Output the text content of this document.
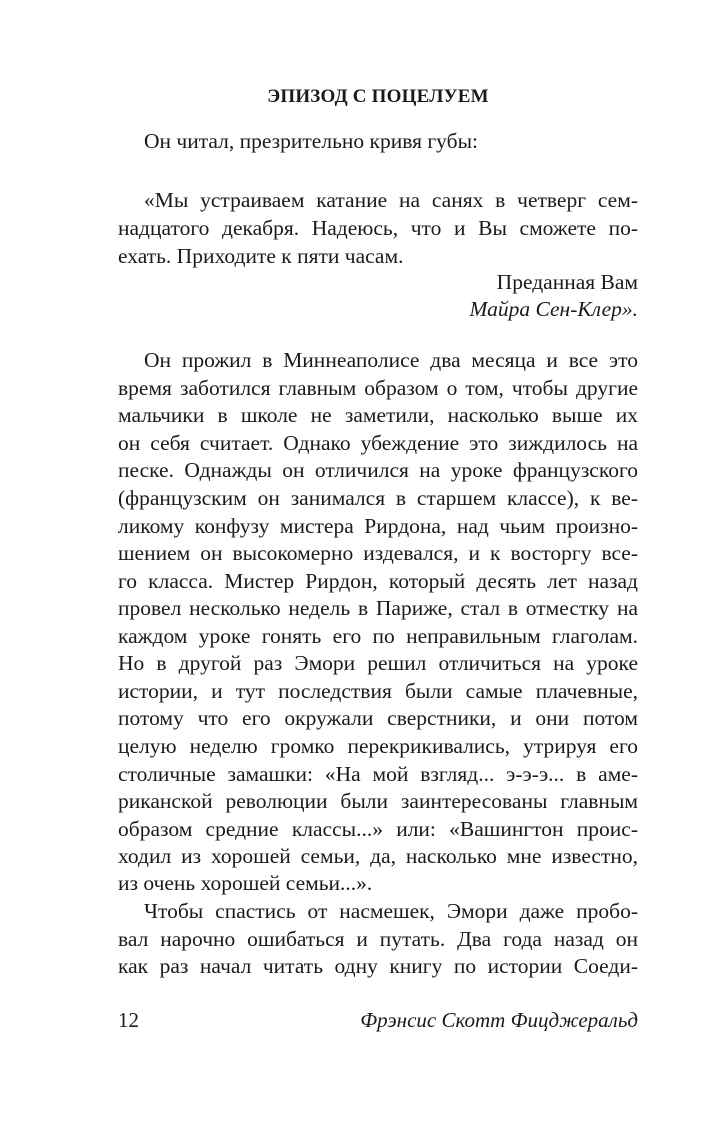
ЭПИЗОД С ПОЦЕЛУЕМ
Он читал, презрительно кривя губы:
«Мы устраиваем катание на санях в четверг сем-
надцатого декабря. Надеюсь, что и Вы сможете по-
ехать. Приходите к пяти часам.
Преданная Вам
Майра Сен-Клер».
Он прожил в Миннеаполисе два месяца и все это
время заботился главным образом о том, чтобы другие
мальчики в школе не заметили, насколько выше их
он себя считает. Однако убеждение это зиждилось на
песке. Однажды он отличился на уроке французского
(французским он занимался в старшем классе), к ве-
ликому конфузу мистера Рирдона, над чьим произно-
шением он высокомерно издевался, и к восторгу все-
го класса. Мистер Рирдон, который десять лет назад
провел несколько недель в Париже, стал в отместку на
каждом уроке гонять его по неправильным глаголам.
Но в другой раз Эмори решил отличиться на уроке
истории, и тут последствия были самые плачевные,
потому что его окружали сверстники, и они потом
целую неделю громко перекрикивались, утрируя его
столичные замашки: «На мой взгляд... э-э-э... в аме-
риканской революции были заинтересованы главным
образом средние классы...» или: «Вашингтон проис-
ходил из хорошей семьи, да, насколько мне известно,
из очень хорошей семьи...».
Чтобы спастись от насмешек, Эмори даже пробо-
вал нарочно ошибаться и путать. Два года назад он
как раз начал читать одну книгу по истории Соеди-
12	Фрэнсис Скотт Фицджеральд
